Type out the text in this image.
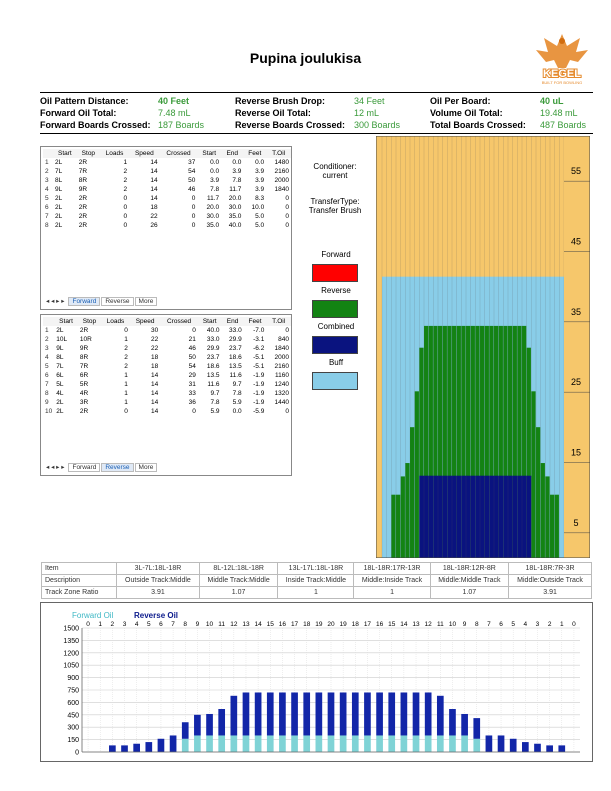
Pupina joulukisa
KEGEL
BUILT FOR BOWLING
Oil Pattern Distance:	40 Feet	Reverse Brush Drop:	34 Feet	Oil Per Board:	40 uL
Forward Oil Total:	7.48 mL	Reverse Oil Total:	12 mL	Volume Oil Total:	19.48 mL
Forward Boards Crossed: 187 Boards	Reverse Boards Crossed: 300 Boards	Total Boards Crossed: 487 Boards
	Start	Stop	Loads	Speed	Crossed	Start	End	Feet	T.Oil
1	2L	2R	1	14	37	0.0	0.0	0.0	1480
2	7L	7R	2	14	54	0.0	3.9	3.9	2160
3	8L	8R	2	14	50	3.9	7.8	3.9	2000
4	9L	9R	2	14	46	7.8	11.7	3.9	1840
5	2L	2R	0	14	0	11.7	20.0	8.3	0
6	2L	2R	0	18	0	20.0	30.0	10.0	0
7	2L	2R	0	22	0	30.0	35.0	5.0	0
8	2L	2R	0	26	0	35.0	40.0	5.0	0
◂ ◂ ▸ ▸ Forward Reverse More
	Start	Stop	Loads	Speed	Crossed	Start	End	Feet	T.Oil
1	2L	2R	0	30	0	40.0	33.0	-7.0	0
2	10L	10R	1	22	21	33.0	29.9	-3.1	840
3	9L	9R	2	22	46	29.9	23.7	-6.2	1840
4	8L	8R	2	18	50	23.7	18.6	-5.1	2000
5	7L	7R	2	18	54	18.6	13.5	-5.1	2160
6	6L	6R	1	14	29	13.5	11.6	-1.9	1160
7	5L	5R	1	14	31	11.6	9.7	-1.9	1240
8	4L	4R	1	14	33	9.7	7.8	-1.9	1320
9	2L	3R	1	14	36	7.8	5.9	-1.9	1440
10	2L	2R	0	14	0	5.9	0.0	-5.9	0
◂ ◂ ▸ ▸ Forward Reverse More
Conditioner:
current
TransferType:
Transfer Brush
Forward
Reverse
Combined
Buff
55
45
35
25
15
5
Item	3L-7L:18L-18R	8L-12L:18L-18R	13L-17L:18L-18R	18L-18R:17R-13R	18L-18R:12R-8R	18L-18R:7R-3R
Description	Outside Track:Middle	Middle Track:Middle	Inside Track:Middle	Middle:Inside Track	Middle:Middle Track	Middle:Outside Track
Track Zone Ratio	3.91	1.07	1	1	1.07	3.91
1500
1350
1200
1050
900
750
600
450
300
150
0
0 1 2 3 4 5 6 7 8 9 10 11 12 13 14 15 16 17 18 19 20 19 18 17 16 15 14 13 12 11 10 9 8 7 6 5 4 3 2 1 0
Forward Oil	Reverse Oil
